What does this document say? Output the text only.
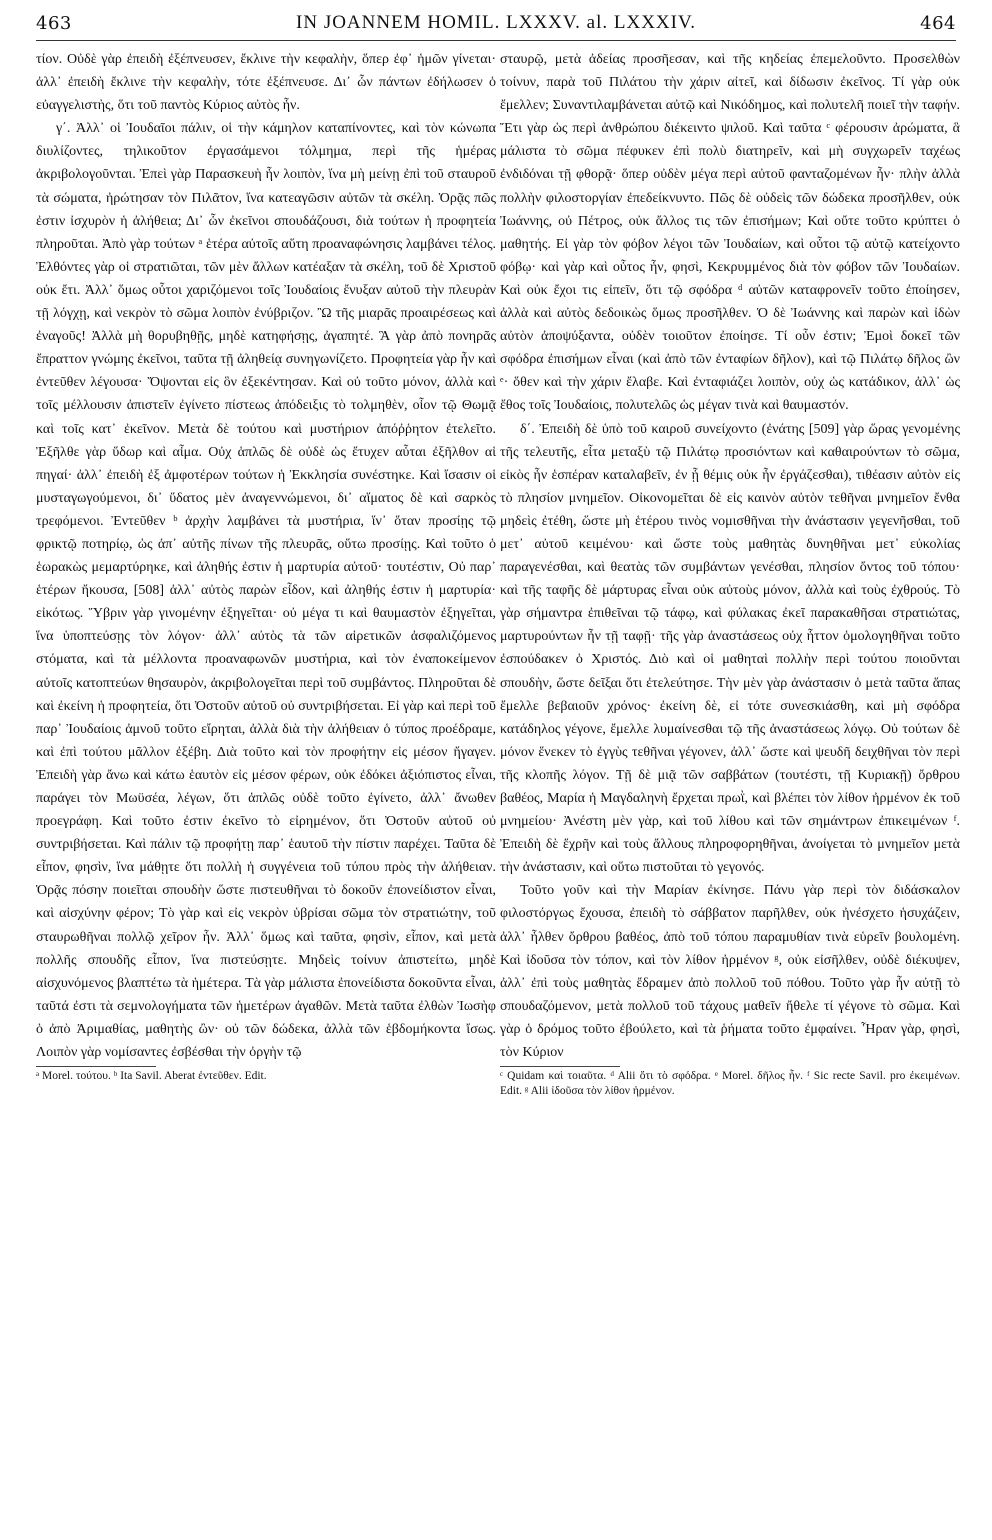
463	IN JOANNEM HOMIL. LXXXV. al. LXXXIV.	464

τίον. Οὐδὲ γὰρ ἐπειδὴ ἐξέπνευσεν, ἔκλινε τὴν κεφαλὴν, ὅπερ ἐφ᾽ ἡμῶν γίνεται· ἀλλ᾽ ἐπειδὴ ἔκλινε τὴν κεφαλὴν, τότε ἐξέπνευσε. Δι᾽ ὧν πάντων ἐδήλωσεν ὁ εὐαγγελιστὴς, ὅτι τοῦ παντὸς Κύριος αὐτὸς ἦν.

γ΄. Ἀλλ᾽ οἱ Ἰουδαῖοι πάλιν, οἱ τὴν κάμηλον καταπίνοντες, καὶ τὸν κώνωπα διυλίζοντες, τηλικοῦτον ἐργασάμενοι τόλμημα, περὶ τῆς ἡμέρας ἀκριβολογοῦνται. Ἐπεὶ γὰρ Παρασκευὴ ἦν λοιπὸν, ἵνα μὴ μείνῃ ἐπὶ τοῦ σταυροῦ τὰ σώματα, ἠρώτησαν τὸν Πιλᾶτον, ἵνα κατεαγῶσιν αὐτῶν τὰ σκέλη. Ὁρᾷς πῶς ἐστιν ἰσχυρὸν ἡ ἀλήθεια; Δι᾽ ὧν ἐκεῖνοι σπουδάζουσι, διὰ τούτων ἡ προφητεία πληροῦται. Ἀπὸ γὰρ τούτων ᵃ ἑτέρα αὐτοῖς αὕτη προαναφώνησις λαμβάνει τέλος. Ἐλθόντες γὰρ οἱ στρατιῶται, τῶν μὲν ἄλλων κατέαξαν τὰ σκέλη, τοῦ δὲ Χριστοῦ οὐκ ἔτι. Ἀλλ᾽ ὅμως οὗτοι χαριζόμενοι τοῖς Ἰουδαίοις ἔνυξαν αὐτοῦ τὴν πλευρὰν τῇ λόγχῃ, καὶ νεκρὸν τὸ σῶμα λοιπὸν ἐνύβριζον. Ὢ τῆς μιαρᾶς προαιρέσεως καὶ ἐναγοῦς! Ἀλλὰ μὴ θορυβηθῇς, μηδὲ κατηφήσῃς, ἀγαπητέ. Ἃ γὰρ ἀπὸ πονηρᾶς ἔπραττον γνώμης ἐκεῖνοι, ταῦτα τῇ ἀληθείᾳ συνηγωνίζετο. Προφητεία γὰρ ἦν καὶ ἐντεῦθεν λέγουσα· Ὄψονται εἰς ὃν ἐξεκέντησαν. Καὶ οὐ τοῦτο μόνον, ἀλλὰ καὶ τοῖς μέλλουσιν ἀπιστεῖν ἐγίνετο πίστεως ἀπόδειξις τὸ τολμηθὲν, οἷον τῷ Θωμᾷ καὶ τοῖς κατ᾽ ἐκεῖνον. Μετὰ δὲ τούτου καὶ μυστήριον ἀπόῤῥητον ἐτελεῖτο. Ἐξῆλθε γὰρ ὕδωρ καὶ αἷμα. Οὐχ ἁπλῶς δὲ οὐδὲ ὡς ἔτυχεν αὗται ἐξῆλθον αἱ πηγαί· ἀλλ᾽ ἐπειδὴ ἐξ ἀμφοτέρων τούτων ἡ Ἐκκλησία συνέστηκε. Καὶ ἴσασιν οἱ μυσταγωγούμενοι, δι᾽ ὕδατος μὲν ἀναγεννώμενοι, δι᾽ αἵματος δὲ καὶ σαρκὸς τρεφόμενοι. Ἐντεῦθεν ᵇ ἀρχὴν λαμβάνει τὰ μυστήρια, ἵν᾽ ὅταν προσίῃς τῷ φρικτῷ ποτηρίῳ, ὡς ἀπ᾽ αὐτῆς πίνων τῆς πλευρᾶς, οὕτω προσίῃς. Καὶ τοῦτο ὁ ἑωρακὼς μεμαρτύρηκε, καὶ ἀληθής ἐστιν ἡ μαρτυρία αὐτοῦ· τουτέστιν, Οὐ παρ᾽ ἑτέρων ἤκουσα, [508] ἀλλ᾽ αὐτὸς παρὼν εἶδον, καὶ ἀληθής ἐστιν ἡ μαρτυρία· εἰκότως. Ὕβριν γὰρ γινομένην ἐξηγεῖται· οὐ μέγα τι καὶ θαυμαστὸν ἐξηγεῖται, ἵνα ὑποπτεύσῃς τὸν λόγον· ἀλλ᾽ αὐτὸς τὰ τῶν αἱρετικῶν ἀσφαλιζόμενος στόματα, καὶ τὰ μέλλοντα προαναφωνῶν μυστήρια, καὶ τὸν ἐναποκείμενον αὐτοῖς κατοπτεύων θησαυρὸν, ἀκριβολογεῖται περὶ τοῦ συμβάντος. Πληροῦται δὲ καὶ ἐκείνη ἡ προφητεία, ὅτι Ὀστοῦν αὐτοῦ οὐ συντριβήσεται. Εἰ γὰρ καὶ περὶ τοῦ παρ᾽ Ἰουδαίοις ἀμνοῦ τοῦτο εἴρηται, ἀλλὰ διὰ τὴν ἀλήθειαν ὁ τύπος προέδραμε, καὶ ἐπὶ τούτου μᾶλλον ἐξέβη. Διὰ τοῦτο καὶ τὸν προφήτην εἰς μέσον ἤγαγεν. Ἐπειδὴ γὰρ ἄνω καὶ κάτω ἑαυτὸν εἰς μέσον φέρων, οὐκ ἐδόκει ἀξιόπιστος εἶναι, παράγει τὸν Μωϋσέα, λέγων, ὅτι ἁπλῶς οὐδὲ τοῦτο ἐγίνετο, ἀλλ᾽ ἄνωθεν προεγράφη. Καὶ τοῦτο ἐστιν ἐκεῖνο τὸ εἰρημένον, ὅτι Ὀστοῦν αὐτοῦ οὐ συντριβήσεται. Καὶ πάλιν τῷ προφήτῃ παρ᾽ ἑαυτοῦ τὴν πίστιν παρέχει. Ταῦτα δὲ εἶπον, φησὶν, ἵνα μάθῃτε ὅτι πολλὴ ἡ συγγένεια τοῦ τύπου πρὸς τὴν ἀλήθειαν. Ὁρᾷς πόσην ποιεῖται σπουδὴν ὥστε πιστευθῆναι τὸ δοκοῦν ἐπονείδιστον εἶναι, καὶ αἰσχύνην φέρον; Τὸ γὰρ καὶ εἰς νεκρὸν ὑβρίσαι σῶμα τὸν στρατιώτην, τοῦ σταυρωθῆναι πολλῷ χεῖρον ἦν. Ἀλλ᾽ ὅμως καὶ ταῦτα, φησὶν, εἶπον, καὶ μετὰ πολλῆς σπουδῆς εἶπον, ἵνα πιστεύσῃτε. Μηδεὶς τοίνυν ἀπιστείτω, μηδὲ αἰσχυνόμενος βλαπτέτω τὰ ἡμέτερα. Τὰ γὰρ μάλιστα ἐπονείδιστα δοκοῦντα εἶναι, ταῦτά ἐστι τὰ σεμνολογήματα τῶν ἡμετέρων ἀγαθῶν. Μετὰ ταῦτα ἐλθὼν Ἰωσὴφ ὁ ἀπὸ Ἀριμαθίας, μαθητὴς ὢν· οὐ τῶν δώδεκα, ἀλλὰ τῶν ἑβδομήκοντα ἴσως. Λοιπὸν γὰρ νομίσαντες ἐσβέσθαι τὴν ὀργὴν τῷ

ᵃ Morel. τούτου. ᵇ Ita Savil. Aberat ἐντεῦθεν. Edit.

σταυρῷ, μετὰ ἀδείας προσῆεσαν, καὶ τῆς κηδείας ἐπεμελοῦντο. Προσελθὼν τοίνυν, παρὰ τοῦ Πιλάτου τὴν χάριν αἰτεῖ, καὶ δίδωσιν ἐκεῖνος. Τί γὰρ οὐκ ἔμελλεν; Συναντιλαμβάνεται αὐτῷ καὶ Νικόδημος, καὶ πολυτελῆ ποιεῖ τὴν ταφήν. Ἔτι γὰρ ὡς περὶ ἀνθρώπου διέκειντο ψιλοῦ. Καὶ ταῦτα ᶜ φέρουσιν ἀρώματα, ἃ μάλιστα τὸ σῶμα πέφυκεν ἐπὶ πολὺ διατηρεῖν, καὶ μὴ συγχωρεῖν ταχέως ἐνδιδόναι τῇ φθορᾷ· ὅπερ οὐδὲν μέγα περὶ αὐτοῦ φανταζομένων ἦν· πλὴν ἀλλὰ πολλὴν φιλοστοργίαν ἐπεδείκνυντο. Πῶς δὲ οὐδεὶς τῶν δώδεκα προσῆλθεν, οὐκ Ἰωάννης, οὐ Πέτρος, οὐκ ἄλλος τις τῶν ἐπισήμων; Καὶ οὔτε τοῦτο κρύπτει ὁ μαθητής. Εἰ γὰρ τὸν φόβον λέγοι τῶν Ἰουδαίων, καὶ οὗτοι τῷ αὐτῷ κατείχοντο φόβῳ· καὶ γὰρ καὶ οὗτος ἦν, φησὶ, Κεκρυμμένος διὰ τὸν φόβον τῶν Ἰουδαίων. Καὶ οὐκ ἔχοι τις εἰπεῖν, ὅτι τῷ σφόδρα ᵈ αὐτῶν καταφρονεῖν τοῦτο ἐποίησεν, ἀλλὰ καὶ αὐτὸς δεδοικὼς ὅμως προσῆλθεν. Ὁ δὲ Ἰωάννης καὶ παρὼν καὶ ἰδὼν αὐτὸν ἀποψύξαντα, οὐδὲν τοιοῦτον ἐποίησε. Τί οὖν ἐστιν; Ἐμοὶ δοκεῖ τῶν σφόδρα ἐπισήμων εἶναι (καὶ ἀπὸ τῶν ἐνταφίων δῆλον), καὶ τῷ Πιλάτῳ δῆλος ὢν ᵉ· ὅθεν καὶ τὴν χάριν ἔλαβε. Καὶ ἐνταφιάζει λοιπὸν, οὐχ ὡς κατάδικον, ἀλλ᾽ ὡς ἔθος τοῖς Ἰουδαίοις, πολυτελῶς ὡς μέγαν τινὰ καὶ θαυμαστόν.

δ΄. Ἐπειδὴ δὲ ὑπὸ τοῦ καιροῦ συνείχοντο (ἐνάτης [509] γὰρ ὥρας γενομένης τῆς τελευτῆς, εἶτα μεταξὺ τῷ Πιλάτῳ προσιόντων καὶ καθαιρούντων τὸ σῶμα, εἰκὸς ἦν ἑσπέραν καταλαβεῖν, ἐν ᾗ θέμις οὐκ ἦν ἐργάζεσθαι), τιθέασιν αὐτὸν εἰς τὸ πλησίον μνημεῖον. Οἰκονομεῖται δὲ εἰς καινὸν αὐτὸν τεθῆναι μνημεῖον ἔνθα μηδεὶς ἐτέθη, ὥστε μὴ ἑτέρου τινὸς νομισθῆναι τὴν ἀνάστασιν γεγενῆσθαι, τοῦ μετ᾽ αὐτοῦ κειμένου· καὶ ὥστε τοὺς μαθητὰς δυνηθῆναι μετ᾽ εὐκολίας παραγενέσθαι, καὶ θεατὰς τῶν συμβάντων γενέσθαι, πλησίον ὄντος τοῦ τόπου· καὶ τῆς ταφῆς δὲ μάρτυρας εἶναι οὐκ αὐτοὺς μόνον, ἀλλὰ καὶ τοὺς ἐχθρούς. Τὸ γὰρ σήμαντρα ἐπιθεῖναι τῷ τάφῳ, καὶ φύλακας ἐκεῖ παρακαθῆσαι στρατιώτας, μαρτυρούντων ἦν τῇ ταφῇ· τῆς γὰρ ἀναστάσεως οὐχ ἧττον ὁμολογηθῆναι τοῦτο ἐσπούδακεν ὁ Χριστός. Διὸ καὶ οἱ μαθηταὶ πολλὴν περὶ τούτου ποιοῦνται σπουδὴν, ὥστε δεῖξαι ὅτι ἐτελεύτησε. Τὴν μὲν γὰρ ἀνάστασιν ὁ μετὰ ταῦτα ἅπας ἔμελλε βεβαιοῦν χρόνος· ἐκείνη δὲ, εἰ τότε συνεσκιάσθη, καὶ μὴ σφόδρα κατάδηλος γέγονε, ἔμελλε λυμαίνεσθαι τῷ τῆς ἀναστάσεως λόγῳ. Οὐ τούτων δὲ μόνον ἕνεκεν τὸ ἐγγὺς τεθῆναι γέγονεν, ἀλλ᾽ ὥστε καὶ ψευδῆ δειχθῆναι τὸν περὶ τῆς κλοπῆς λόγον. Τῇ δὲ μιᾷ τῶν σαββάτων (τουτέστι, τῇ Κυριακῇ) ὄρθρου βαθέος, Μαρία ἡ Μαγδαληνὴ ἔρχεται πρωῒ, καὶ βλέπει τὸν λίθον ἠρμένον ἐκ τοῦ μνημείου· Ἀνέστη μὲν γὰρ, καὶ τοῦ λίθου καὶ τῶν σημάντρων ἐπικειμένων ᶠ. Ἐπειδὴ δὲ ἔχρῆν καὶ τοὺς ἄλλους πληροφορηθῆναι, ἀνοίγεται τὸ μνημεῖον μετὰ τὴν ἀνάστασιν, καὶ οὕτω πιστοῦται τὸ γεγονός.

Τοῦτο γοῦν καὶ τὴν Μαρίαν ἐκίνησε. Πάνυ γὰρ περὶ τὸν διδάσκαλον φιλοστόργως ἔχουσα, ἐπειδὴ τὸ σάββατον παρῆλθεν, οὐκ ἠνέσχετο ἡσυχάζειν, ἀλλ᾽ ἦλθεν ὄρθρου βαθέος, ἀπὸ τοῦ τόπου παραμυθίαν τινὰ εὑρεῖν βουλομένη. Καὶ ἰδοῦσα τὸν τόπον, καὶ τὸν λίθον ἠρμένον ᵍ, οὐκ εἰσῆλθεν, οὐδὲ διέκυψεν, ἀλλ᾽ ἐπὶ τοὺς μαθητὰς ἔδραμεν ἀπὸ πολλοῦ τοῦ πόθου. Τοῦτο γὰρ ἦν αὐτῇ τὸ σπουδαζόμενον, μετὰ πολλοῦ τοῦ τάχους μαθεῖν ἤθελε τί γέγονε τὸ σῶμα. Καὶ γὰρ ὁ δρόμος τοῦτο ἐβούλετο, καὶ τὰ ῥήματα τοῦτο ἐμφαίνει. Ἦραν γὰρ, φησὶ, τὸν Κύριον

ᶜ Quidam καὶ τοιαῦτα. ᵈ Alii ὅτι τὸ σφόδρα. ᵉ Morel. δῆλος ἦν. ᶠ Sic recte Savil. pro ἐκειμένων. Edit. ᵍ Alii ἰδοῦσα τὸν λίθον ἠρμένον.
